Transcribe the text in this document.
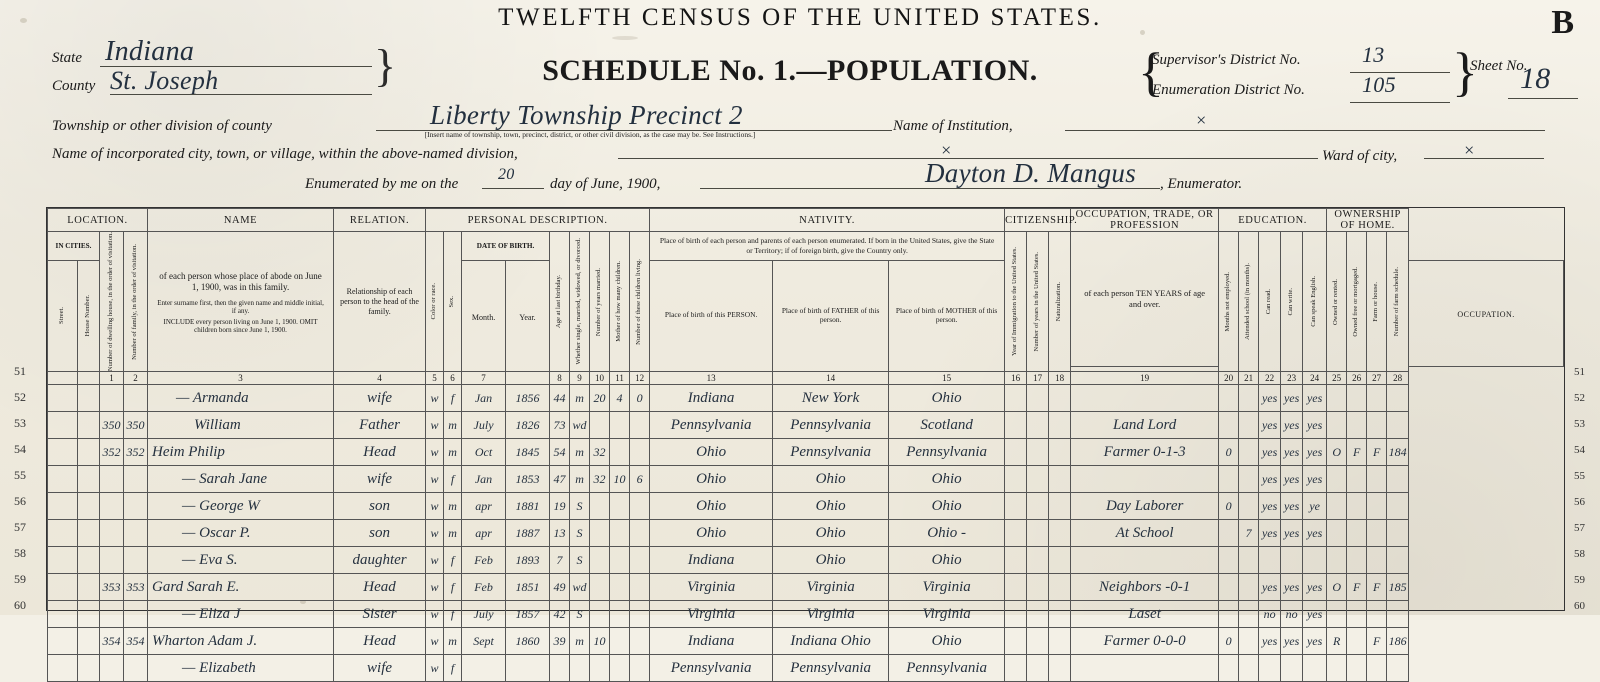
TWELFTH CENSUS OF THE UNITED STATES.	B
SCHEDULE No. 1.—POPULATION.
State Indiana
County St. Joseph	}
Township or other division of county	Liberty Township Precinct 2
[Insert name of township, town, precinct, district, or other civil division, as the case may be. See Instructions.]
Name of Institution,	×
Name of incorporated city, town, or village, within the above-named division,	×	Ward of city,	×
Enumerated by me on the
20
day of June, 1900,	Dayton D. Mangus , Enumerator.
{	}
Supervisor's District No.	13
Enumeration District No.	105
Sheet No.
18
51
52
53
54
55
56
57
58
59
60
51
52
53
54
55
56
57
58
59
60
LOCATION.				NAME	RELATION.	PERSONAL DESCRIPTION.									NATIVITY.			CITIZENSHIP.			OCCUPATION, TRADE, OR PROFESSION	EDUCATION.					OWNERSHIP OF HOME.				
IN CITIES.		Number of dwelling house, in the order of visitation.	Number of family, in the order of visitation.	of each person whose place of abode on June 1, 1900, was in this family.
Enter surname first, then the given name and middle initial, if any.
INCLUDE every person living on June 1, 1900. OMIT children born since June 1, 1900.	Relationship of each person to the head of the family.	Color or race.	Sex.	DATE OF BIRTH.		Age at last birthday.	Whether single, married, widowed, or divorced.	Number of years married.	Mother of how many children.	Number of these children living.	Place of birth of each person and parents of each person enumerated. If born in the United States, give the State or Territory; if of foreign birth, give the Country only.			Year of Immigration to the United States.	Number of years in the United States.	Naturalization.	of each person TEN YEARS of age and over.	Months not employed.	Attended school (in months).	Can read.	Can write.	Can speak English.	Owned or rented.	Owned free or mortgaged.	Farm or house.	Number of farm schedule.	

Street.	House Number.							Month.	Year.						Place of birth of this PERSON.	Place of birth of FATHER of this person.	Place of birth of MOTHER of this person.														OCCUPATION.

		1	2	3	4	5	6	7		8	9	10	11	12	13	14	15	16	17	18	19	20	21	22	23	24	25	26	27	28	
				— Armanda	wife	w	f	Jan	1856	44	m	20	4	0	Indiana	New York	Ohio							yes	yes	yes					
		350	350	William	Father	w	m	July	1826	73	wd				Pennsylvania	Pennsylvania	Scotland				Land Lord			yes	yes	yes					
		352	352	Heim Philip	Head	w	m	Oct	1845	54	m	32			Ohio	Pennsylvania	Pennsylvania				Farmer 0-1-3	0		yes	yes	yes	O	F	F	184	
				— Sarah Jane	wife	w	f	Jan	1853	47	m	32	10	6	Ohio	Ohio	Ohio							yes	yes	yes					
				— George W	son	w	m	apr	1881	19	S				Ohio	Ohio	Ohio				Day Laborer	0		yes	yes	ye					
				— Oscar P.	son	w	m	apr	1887	13	S				Ohio	Ohio	Ohio -				At School		7	yes	yes	yes					
				— Eva S.	daughter	w	f	Feb	1893	7	S				Indiana	Ohio	Ohio														
		353	353	Gard Sarah E.	Head	w	f	Feb	1851	49	wd				Virginia	Virginia	Virginia				Neighbors -0-1			yes	yes	yes	O	F	F	185	
				— Eliza J	Sister	w	f	July	1857	42	S				Virginia	Virginia	Virginia				Laset			no	no	yes					
		354	354	Wharton Adam J.	Head	w	m	Sept	1860	39	m	10			Indiana	Indiana Ohio	Ohio				Farmer 0-0-0	0		yes	yes	yes	R		F	186	
				— Elizabeth	wife	w	f								Pennsylvania	Pennsylvania	Pennsylvania														
